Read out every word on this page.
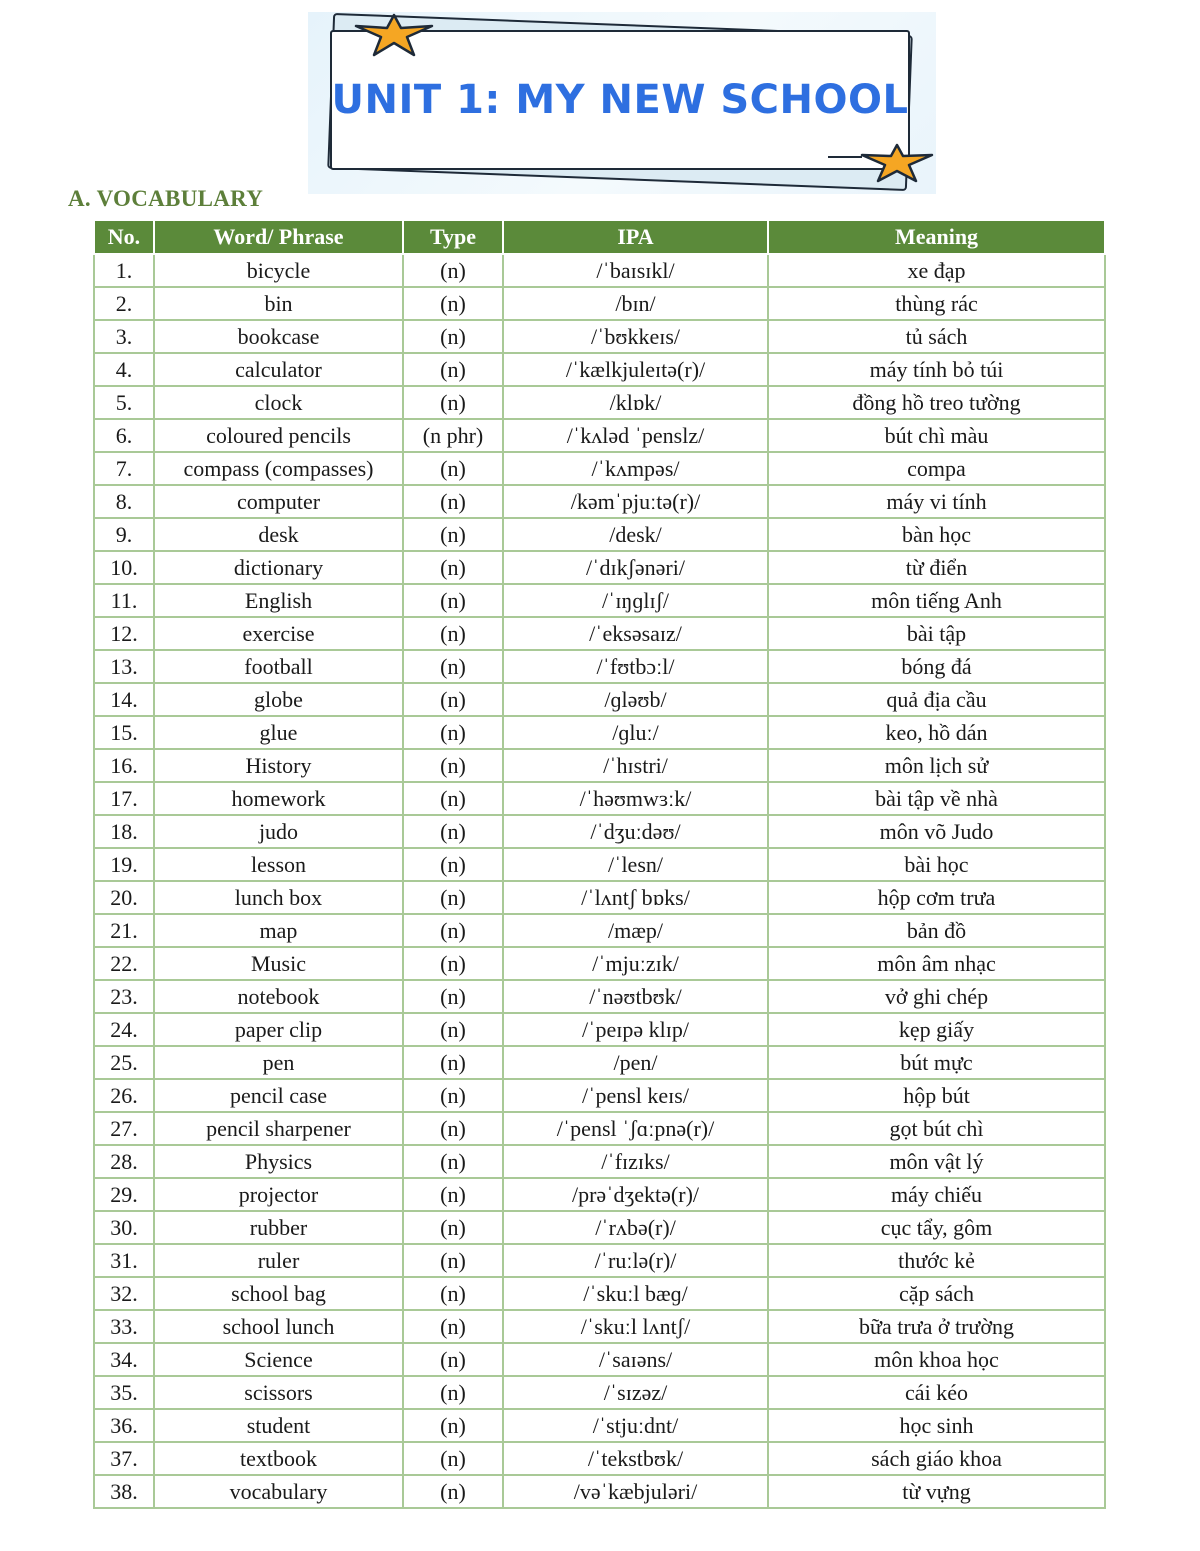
UNIT 1: MY NEW SCHOOL
A. VOCABULARY
No.	Word/ Phrase	Type	IPA	Meaning
1.	bicycle	(n)	/ˈbaɪsɪkl/	xe đạp
2.	bin	(n)	/bɪn/	thùng rác
3.	bookcase	(n)	/ˈbʊkkeɪs/	tủ sách
4.	calculator	(n)	/ˈkælkjuleɪtə(r)/	máy tính bỏ túi
5.	clock	(n)	/klɒk/	đồng hồ treo tường
6.	coloured pencils	(n phr)	/ˈkʌləd ˈpenslz/	bút chì màu
7.	compass (compasses)	(n)	/ˈkʌmpəs/	compa
8.	computer	(n)	/kəmˈpjuːtə(r)/	máy vi tính
9.	desk	(n)	/desk/	bàn học
10.	dictionary	(n)	/ˈdɪkʃənəri/	từ điển
11.	English	(n)	/ˈɪŋɡlɪʃ/	môn tiếng Anh
12.	exercise	(n)	/ˈeksəsaɪz/	bài tập
13.	football	(n)	/ˈfʊtbɔːl/	bóng đá
14.	globe	(n)	/ɡləʊb/	quả địa cầu
15.	glue	(n)	/ɡluː/	keo, hồ dán
16.	History	(n)	/ˈhɪstri/	môn lịch sử
17.	homework	(n)	/ˈhəʊmwɜːk/	bài tập về nhà
18.	judo	(n)	/ˈdʒuːdəʊ/	môn võ Judo
19.	lesson	(n)	/ˈlesn/	bài học
20.	lunch box	(n)	/ˈlʌntʃ bɒks/	hộp cơm trưa
21.	map	(n)	/mæp/	bản đồ
22.	Music	(n)	/ˈmjuːzɪk/	môn âm nhạc
23.	notebook	(n)	/ˈnəʊtbʊk/	vở ghi chép
24.	paper clip	(n)	/ˈpeɪpə klɪp/	kẹp giấy
25.	pen	(n)	/pen/	bút mực
26.	pencil case	(n)	/ˈpensl keɪs/	hộp bút
27.	pencil sharpener	(n)	/ˈpensl ˈʃɑːpnə(r)/	gọt bút chì
28.	Physics	(n)	/ˈfɪzɪks/	môn vật lý
29.	projector	(n)	/prəˈdʒektə(r)/	máy chiếu
30.	rubber	(n)	/ˈrʌbə(r)/	cục tẩy, gôm
31.	ruler	(n)	/ˈruːlə(r)/	thước kẻ
32.	school bag	(n)	/ˈskuːl bæɡ/	cặp sách
33.	school lunch	(n)	/ˈskuːl lʌntʃ/	bữa trưa ở trường
34.	Science	(n)	/ˈsaɪəns/	môn khoa học
35.	scissors	(n)	/ˈsɪzəz/	cái kéo
36.	student	(n)	/ˈstjuːdnt/	học sinh
37.	textbook	(n)	/ˈtekstbʊk/	sách giáo khoa
38.	vocabulary	(n)	/vəˈkæbjuləri/	từ vựng
